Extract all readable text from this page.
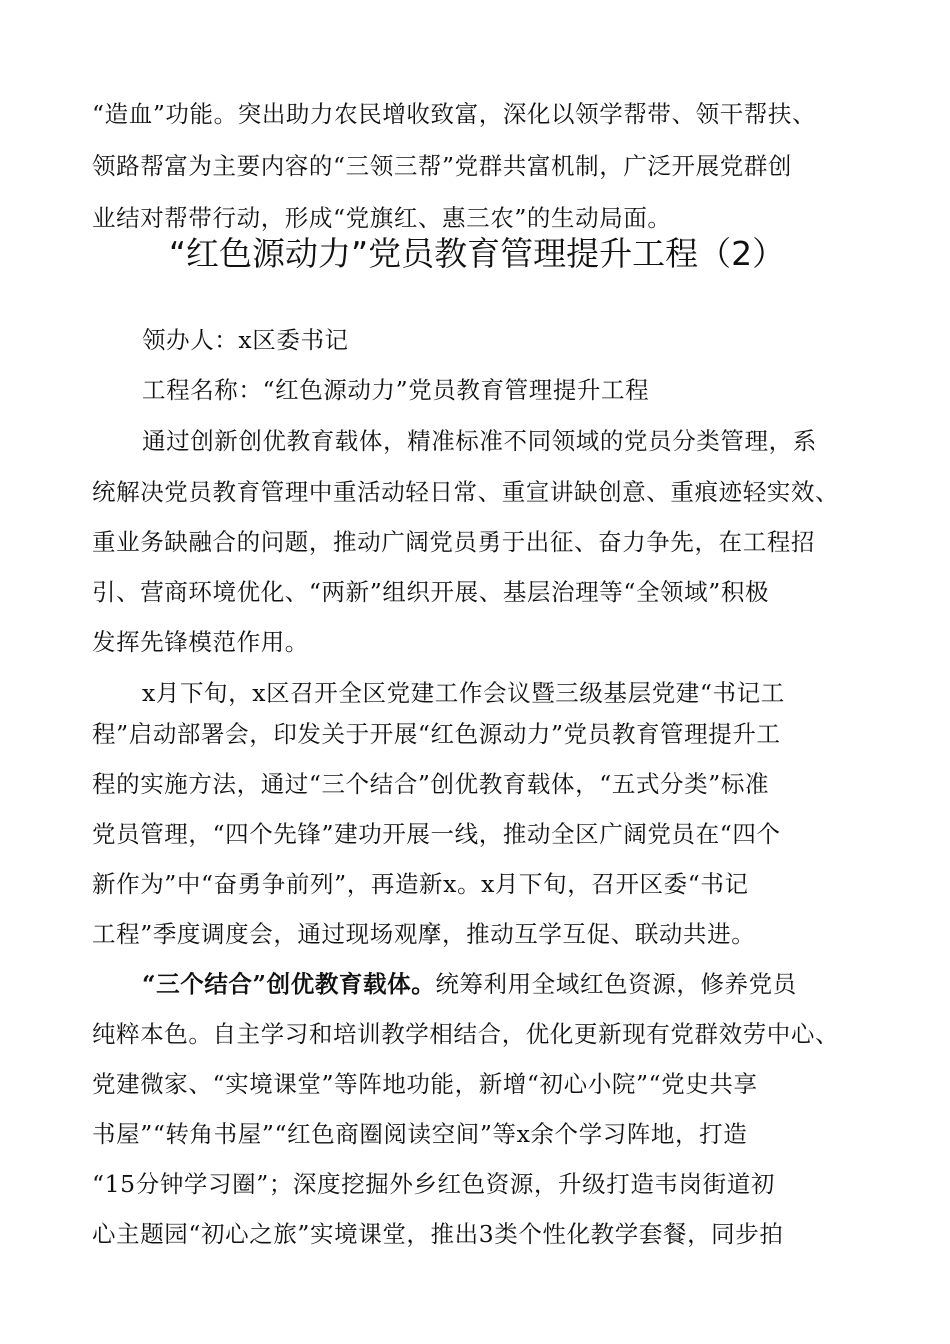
“造血”功能。突出助力农民增收致富，深化以领学帮带、领干帮扶、
领路帮富为主要内容的“三领三帮”党群共富机制，广泛开展党群创
业结对帮带行动，形成“党旗红、惠三农”的生动局面。
“红色源动力”党员教育管理提升工程（2）
领办人：x区委书记
工程名称：“红色源动力”党员教育管理提升工程
通过创新创优教育载体，精准标准不同领域的党员分类管理，系
统解决党员教育管理中重活动轻日常、重宣讲缺创意、重痕迹轻实效、
重业务缺融合的问题，推动广阔党员勇于出征、奋力争先，在工程招
引、营商环境优化、“两新”组织开展、基层治理等“全领域”积极
发挥先锋模范作用。
x月下旬，x区召开全区党建工作会议暨三级基层党建“书记工
程”启动部署会，印发关于开展“红色源动力”党员教育管理提升工
程的实施方法，通过“三个结合”创优教育载体，“五式分类”标准
党员管理，“四个先锋”建功开展一线，推动全区广阔党员在“四个
新作为”中“奋勇争前列”，再造新x。x月下旬，召开区委“书记
工程”季度调度会，通过现场观摩，推动互学互促、联动共进。
“三个结合”创优教育载体。统筹利用全域红色资源，修养党员
纯粹本色。自主学习和培训教学相结合，优化更新现有党群效劳中心、
党建微家、“实境课堂”等阵地功能，新增“初心小院”“党史共享
书屋”“转角书屋”“红色商圈阅读空间”等x余个学习阵地，打造
“15分钟学习圈”；深度挖掘外乡红色资源，升级打造韦岗街道初
心主题园“初心之旅”实境课堂，推出3类个性化教学套餐，同步拍
